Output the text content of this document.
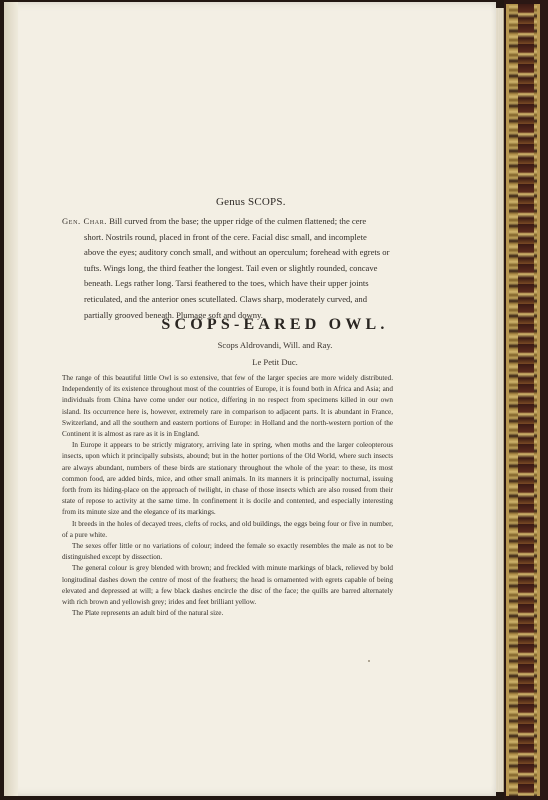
Genus SCOPS.
Gen. Char. Bill curved from the base; the upper ridge of the culmen flattened; the cere
short. Nostrils round, placed in front of the cere. Facial disc small, and incomplete
above the eyes; auditory conch small, and without an operculum; forehead with egrets or
tufts. Wings long, the third feather the longest. Tail even or slightly rounded, concave
beneath. Legs rather long. Tarsi feathered to the toes, which have their upper joints
reticulated, and the anterior ones scutellated. Claws sharp, moderately curved, and
partially grooved beneath. Plumage soft and downy.
SCOPS-EARED OWL.
Scops Aldrovandi, Will. and Ray.
Le Petit Duc.

The range of this beautiful little Owl is so extensive, that few of the larger species are more widely distributed. Independently of its existence throughout most of the countries of Europe, it is found both in Africa and Asia; and individuals from China have come under our notice, differing in no respect from specimens killed in our own island. Its occurrence here is, however, extremely rare in comparison to adjacent parts. It is abundant in France, Switzerland, and all the southern and eastern portions of Europe: in Holland and the north-western portion of the Continent it is almost as rare as it is in England.

In Europe it appears to be strictly migratory, arriving late in spring, when moths and the larger coleopterous insects, upon which it principally subsists, abound; but in the hotter portions of the Old World, where such insects are always abundant, numbers of these birds are stationary throughout the whole of the year: to these, its most common food, are added birds, mice, and other small animals. In its manners it is principally nocturnal, issuing forth from its hiding-place on the approach of twilight, in chase of those insects which are also roused from their state of repose to activity at the same time. In confinement it is docile and contented, and especially interesting from its minute size and the elegance of its markings.

It breeds in the holes of decayed trees, clefts of rocks, and old buildings, the eggs being four or five in number, of a pure white.

The sexes offer little or no variations of colour; indeed the female so exactly resembles the male as not to be distinguished except by dissection.

The general colour is grey blended with brown; and freckled with minute markings of black, relieved by bold longitudinal dashes down the centre of most of the feathers; the head is ornamented with egrets capable of being elevated and depressed at will; a few black dashes encircle the disc of the face; the quills are barred alternately with rich brown and yellowish grey; irides and feet brilliant yellow.

The Plate represents an adult bird of the natural size.
